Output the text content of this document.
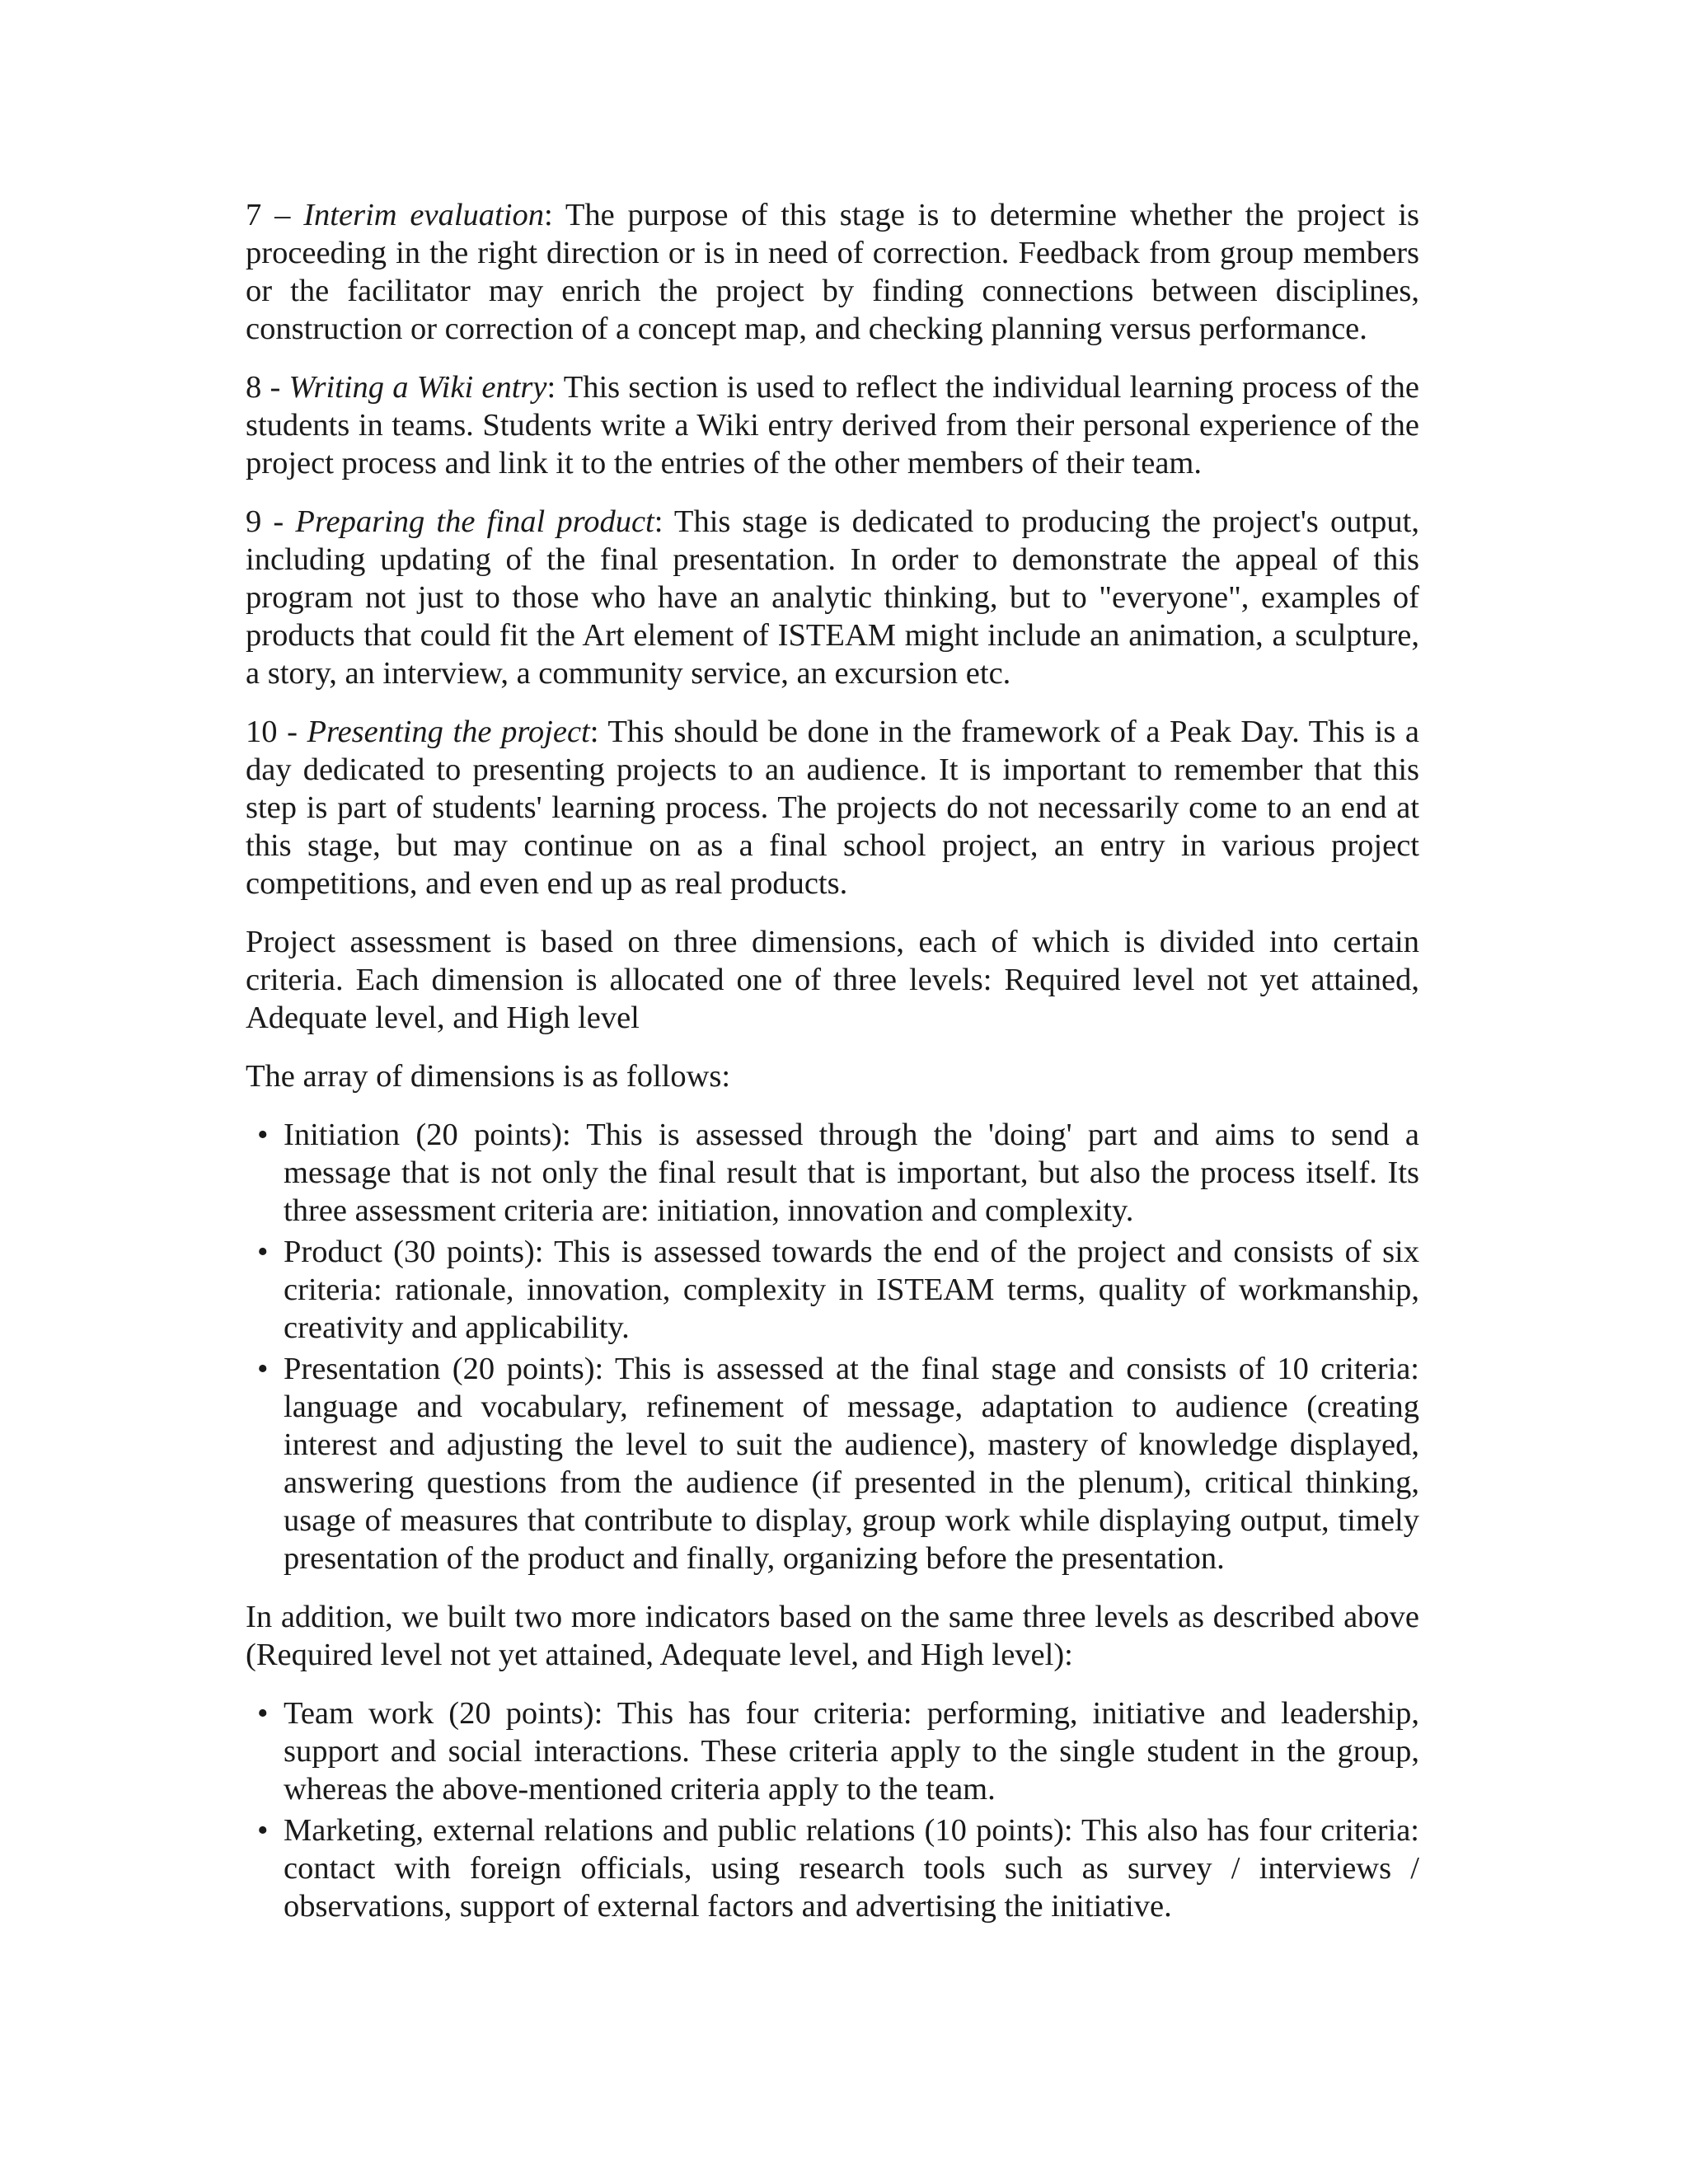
7 – Interim evaluation: The purpose of this stage is to determine whether the project is proceeding in the right direction or is in need of correction. Feedback from group members or the facilitator may enrich the project by finding connections between disciplines, construction or correction of a concept map, and checking planning versus performance.

8 - Writing a Wiki entry: This section is used to reflect the individual learning process of the students in teams. Students write a Wiki entry derived from their personal experience of the project process and link it to the entries of the other members of their team.

9 - Preparing the final product: This stage is dedicated to producing the project's output, including updating of the final presentation. In order to demonstrate the appeal of this program not just to those who have an analytic thinking, but to "everyone", examples of products that could fit the Art element of ISTEAM might include an animation, a sculpture, a story, an interview, a community service, an excursion etc.

10 - Presenting the project: This should be done in the framework of a Peak Day. This is a day dedicated to presenting projects to an audience. It is important to remember that this step is part of students' learning process. The projects do not necessarily come to an end at this stage, but may continue on as a final school project, an entry in various project competitions, and even end up as real products.

Project assessment is based on three dimensions, each of which is divided into certain criteria. Each dimension is allocated one of three levels: Required level not yet attained, Adequate level, and High level

The array of dimensions is as follows:

• Initiation (20 points): This is assessed through the 'doing' part and aims to send a message that is not only the final result that is important, but also the process itself. Its three assessment criteria are: initiation, innovation and complexity.
• Product (30 points): This is assessed towards the end of the project and consists of six criteria: rationale, innovation, complexity in ISTEAM terms, quality of workmanship, creativity and applicability.
• Presentation (20 points): This is assessed at the final stage and consists of 10 criteria: language and vocabulary, refinement of message, adaptation to audience (creating interest and adjusting the level to suit the audience), mastery of knowledge displayed, answering questions from the audience (if presented in the plenum), critical thinking, usage of measures that contribute to display, group work while displaying output, timely presentation of the product and finally, organizing before the presentation.

In addition, we built two more indicators based on the same three levels as described above (Required level not yet attained, Adequate level, and High level):

• Team work (20 points): This has four criteria: performing, initiative and leadership, support and social interactions. These criteria apply to the single student in the group, whereas the above-mentioned criteria apply to the team.
• Marketing, external relations and public relations (10 points): This also has four criteria: contact with foreign officials, using research tools such as survey / interviews / observations, support of external factors and advertising the initiative.
